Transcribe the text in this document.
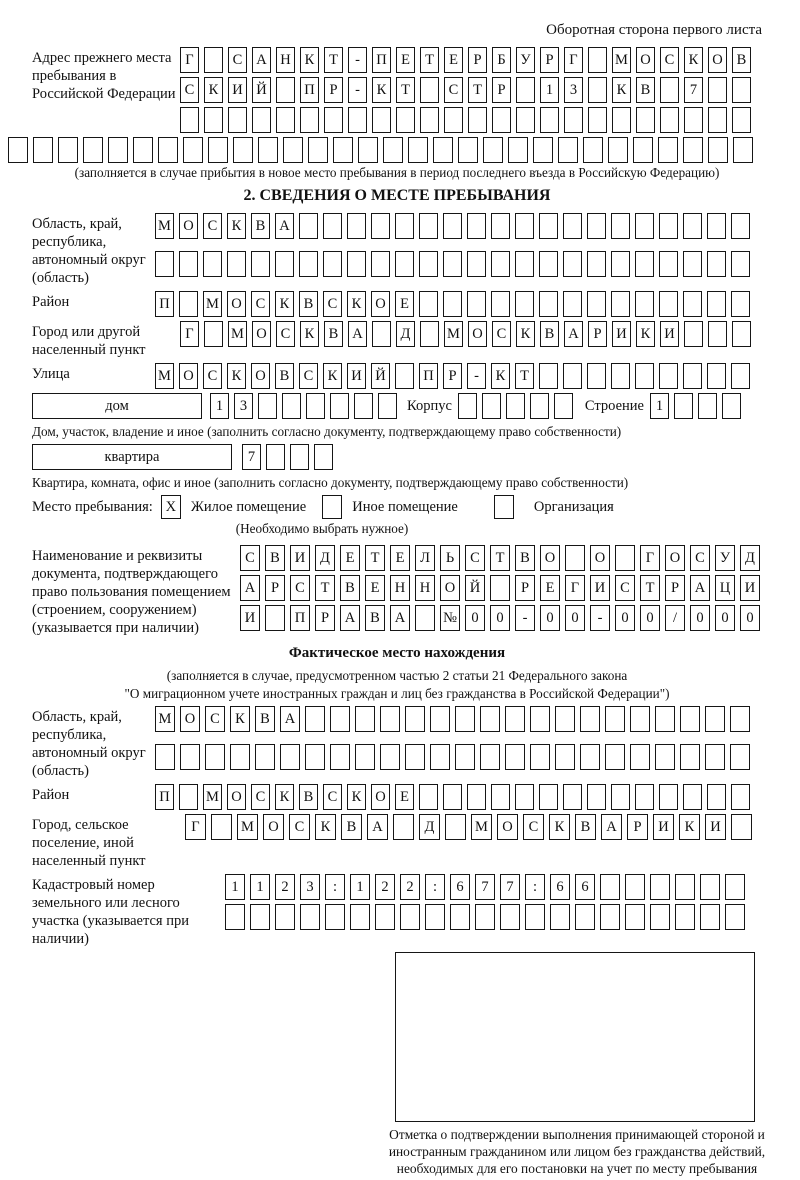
Оборотная сторона первого листа
Адрес прежнего места пребывания в Российской Федерации
Г	С А Н К	Т	-	П Е	Т	Е	Р	Б	У	Р	Г	М О С К О В
С К И Й	П	Р	-	К	Т	С	Т	Р	1	3	К В	7
(заполняется в случае прибытия в новое место пребывания в период последнего въезда в Российскую Федерацию)
2. СВЕДЕНИЯ О МЕСТЕ ПРЕБЫВАНИЯ
Область, край, республика, автономный округ (область)
М О С К В А
Район	П	М О С К В С К О Е
Город или другой населенный пункт
Г	М О С К В А	Д	М О С К В А	Р	И К И
Улица	М О С К О В С К И Й	П	Р	-	К	Т
дом	1	3	Корпус	Строение 1
Дом, участок, владение и иное (заполнить согласно документу, подтверждающему право собственности)
квартира	7
Квартира, комната, офис и иное (заполнить согласно документу, подтверждающему право собственности)
Место пребывания: X	Жилое помещение	Иное помещение	Организация
(Необходимо выбрать нужное)
Наименование и реквизиты документа, подтверждающего право пользования помещением (строением, сооружением) (указывается при наличии)
С	В	И	Д	Е	Т	Е	Л	Ь	С	Т	В	О	О	Г	О	С	У	Д
А	Р	С	Т	В	Е	Н	Н	О	Й	Р	Е	Г	И	С	Т	Р	А	Ц	И
И	П	Р	А	В	А	№ 0	0	-	0	0	-	0	0	/	0	0	0
Фактическое место нахождения
(заполняется в случае, предусмотренном частью 2 статьи 21 Федерального закона
"О миграционном учете иностранных граждан и лиц без гражданства в Российской Федерации")
Область, край, республика, автономный округ (область)
М О	С	К	В	А
Район	П	М О С К В С К О Е
Город, сельское поселение, иной населенный пункт
Г	М О	С	К	В	А	Д	М О	С	К	В	А	Р	И	К	И
Кадастровый номер земельного или лесного участка (указывается при наличии)
1	1	2	3	:	1	2	2	:	6	7	7	:	6	6
Отметка о подтверждении выполнения принимающей стороной и иностранным гражданином или лицом без гражданства действий, необходимых для его постановки на учет по месту пребывания
